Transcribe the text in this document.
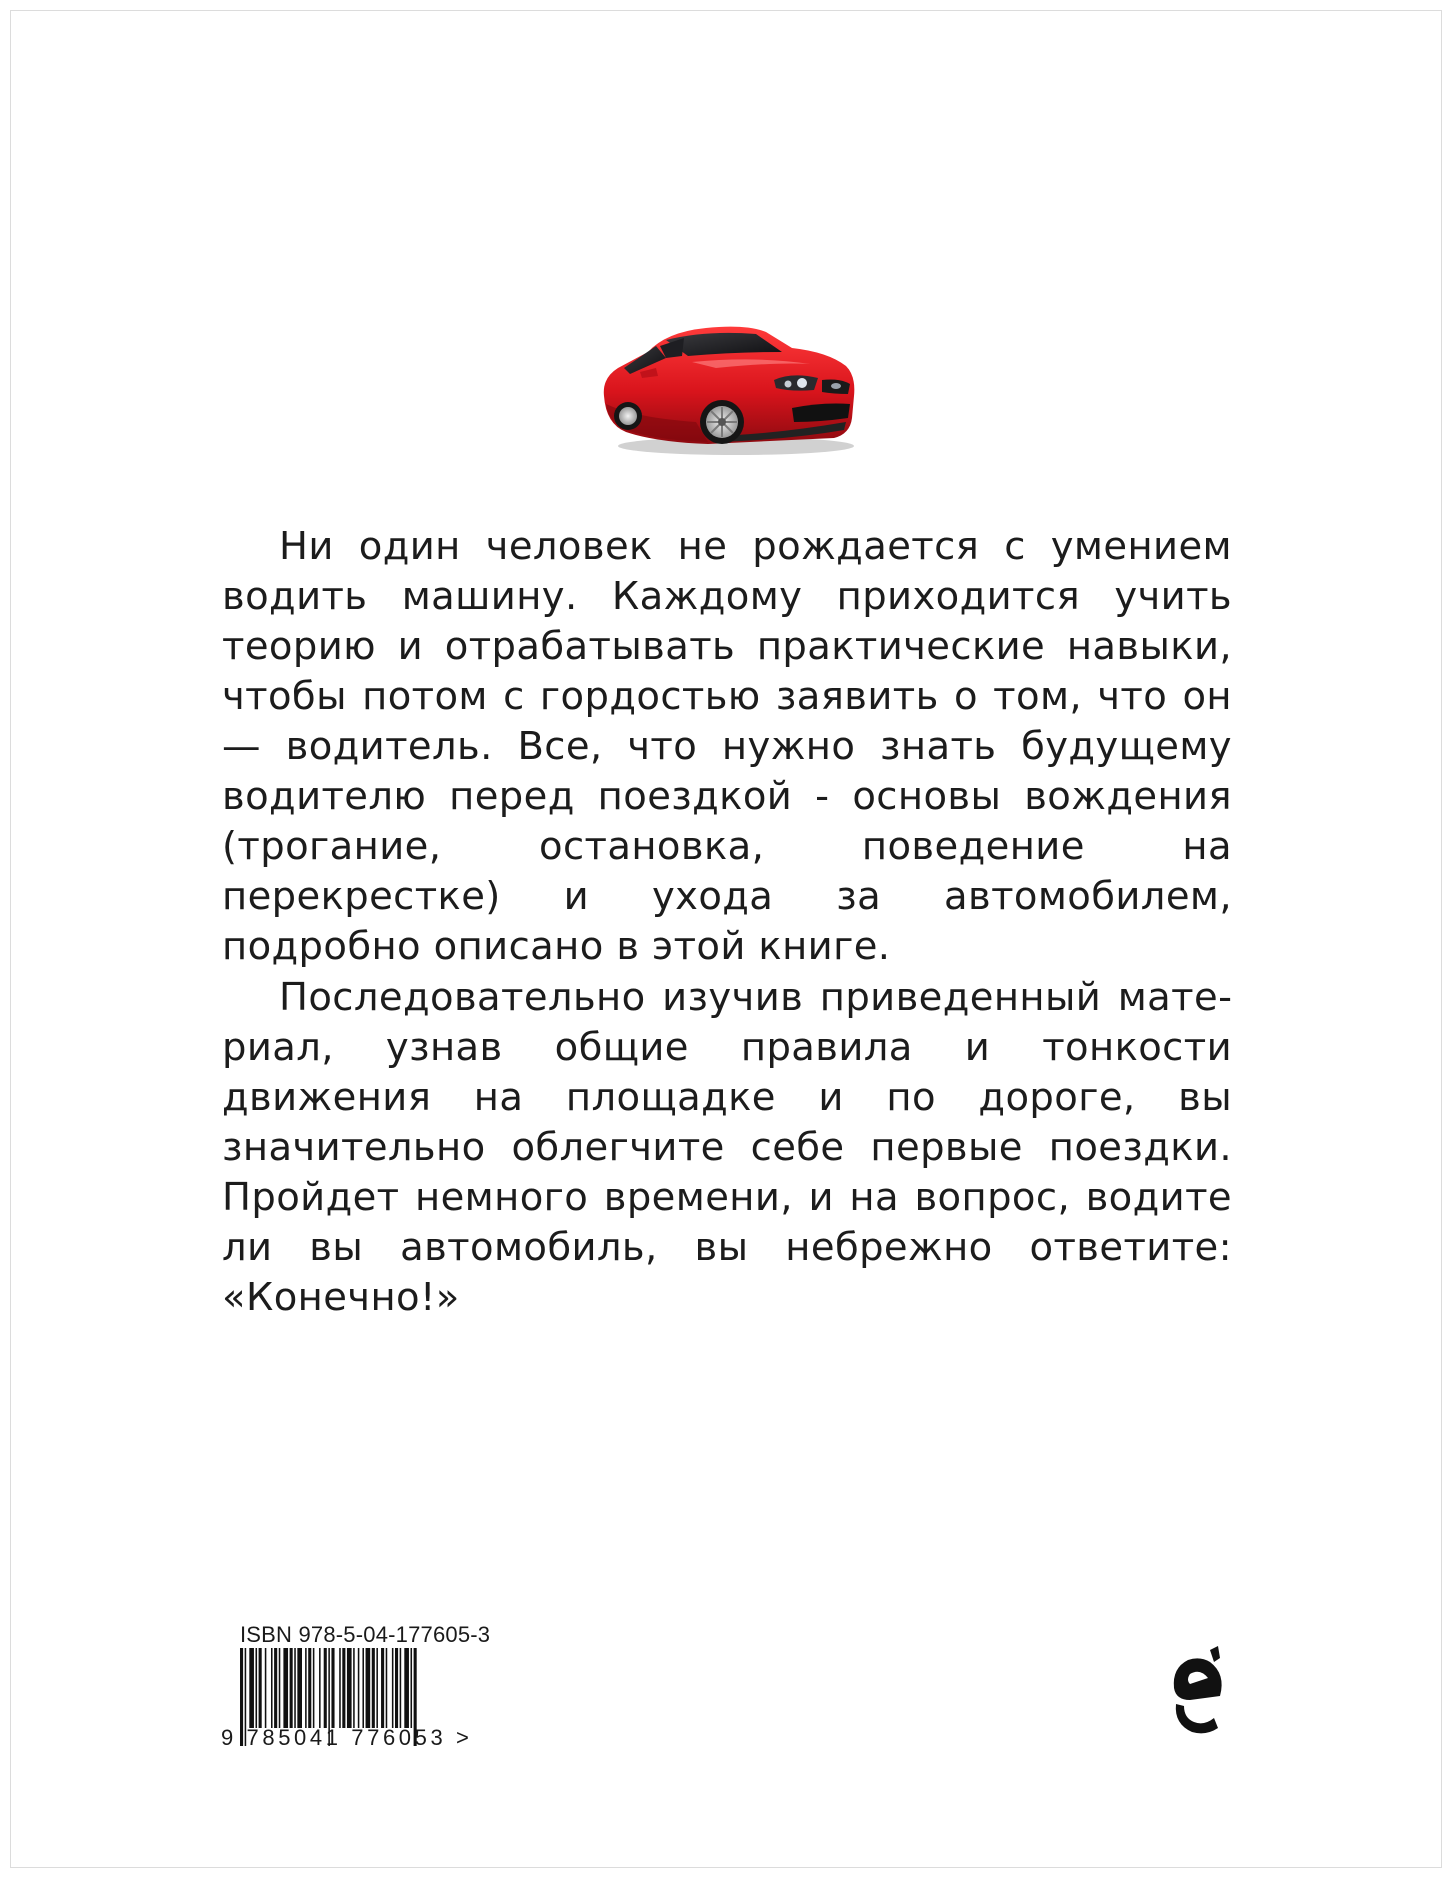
Ни один человек не рождается с умением водить машину. Каждому приходится учить теорию и отрабатывать практические навыки, чтобы потом с гордостью заявить о том, что он — водитель. Все, что нужно знать будущему водителю перед поездкой - основы вождения (трогание, остановка, поведение на перекрестке) и ухода за автомобилем, подробно описано в этой книге.

Последовательно изучив приведенный материал, узнав общие правила и тонкости движения на площадке и по дороге, вы значительно облегчите себе первые поездки. Пройдет немного времени, и на вопрос, водите ли вы автомобиль, вы небрежно ответите: «Конечно!»

ISBN 978-5-04-177605-3
9 785041 776053 >
